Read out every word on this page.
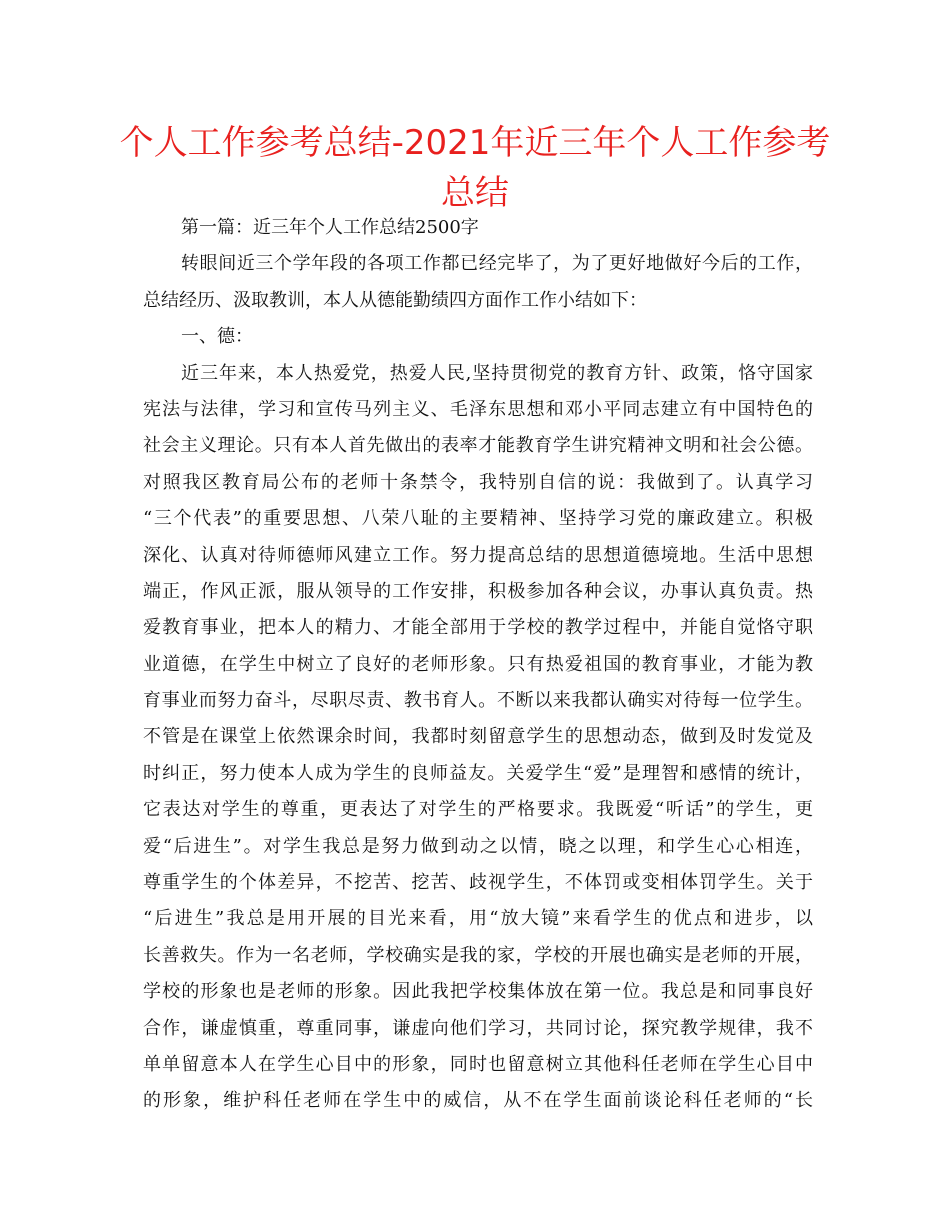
个人工作参考总结-2021年近三年个人工作参考
总结
第一篇：近三年个人工作总结2500字
转眼间近三个学年段的各项工作都已经完毕了，为了更好地做好今后的工作，
总结经历、汲取教训，本人从德能勤绩四方面作工作小结如下：
一、德：
近三年来，本人热爱党，热爱人民,坚持贯彻党的教育方针、政策，恪守国家
宪法与法律，学习和宣传马列主义、毛泽东思想和邓小平同志建立有中国特色的
社会主义理论。只有本人首先做出的表率才能教育学生讲究精神文明和社会公德。
对照我区教育局公布的老师十条禁令，我特别自信的说：我做到了。认真学习
“三个代表”的重要思想、八荣八耻的主要精神、坚持学习党的廉政建立。积极
深化、认真对待师德师风建立工作。努力提高总结的思想道德境地。生活中思想
端正，作风正派，服从领导的工作安排，积极参加各种会议，办事认真负责。热
爱教育事业，把本人的精力、才能全部用于学校的教学过程中，并能自觉恪守职
业道德，在学生中树立了良好的老师形象。只有热爱祖国的教育事业，才能为教
育事业而努力奋斗，尽职尽责、教书育人。不断以来我都认确实对待每一位学生。
不管是在课堂上依然课余时间，我都时刻留意学生的思想动态，做到及时发觉及
时纠正，努力使本人成为学生的良师益友。关爱学生“爱”是理智和感情的统计，
它表达对学生的尊重，更表达了对学生的严格要求。我既爱“听话”的学生，更
爱“后进生”。对学生我总是努力做到动之以情，晓之以理，和学生心心相连，
尊重学生的个体差异，不挖苦、挖苦、歧视学生，不体罚或变相体罚学生。关于
“后进生”我总是用开展的目光来看，用“放大镜”来看学生的优点和进步，以
长善救失。作为一名老师，学校确实是我的家，学校的开展也确实是老师的开展，
学校的形象也是老师的形象。因此我把学校集体放在第一位。我总是和同事良好
合作，谦虚慎重，尊重同事，谦虚向他们学习，共同讨论，探究教学规律，我不
单单留意本人在学生心目中的形象，同时也留意树立其他科任老师在学生心目中
的形象，维护科任老师在学生中的威信，从不在学生面前谈论科任老师的“长
